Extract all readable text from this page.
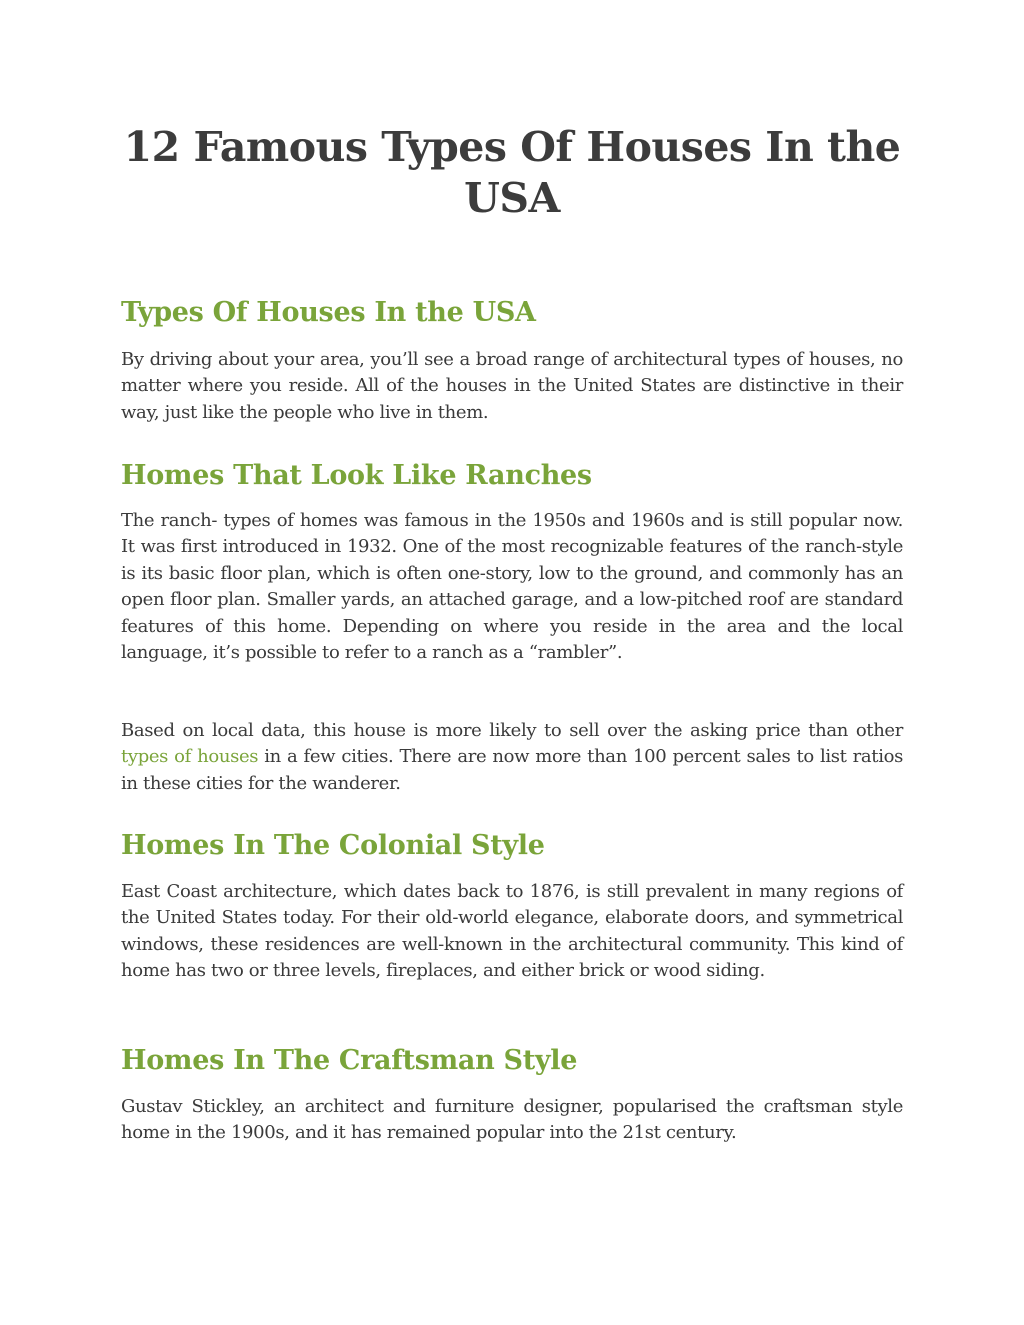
12 Famous Types Of Houses In the USA
Types Of Houses In the USA

By driving about your area, you’ll see a broad range of architectural types of houses, no matter where you reside. All of the houses in the United States are distinctive in their way, just like the people who live in them.

Homes That Look Like Ranches

The ranch- types of homes was famous in the 1950s and 1960s and is still popular now. It was first introduced in 1932. One of the most recognizable features of the ranch-style is its basic floor plan, which is often one-story, low to the ground, and commonly has an open floor plan. Smaller yards, an attached garage, and a low-pitched roof are standard features of this home. Depending on where you reside in the area and the local language, it’s possible to refer to a ranch as a “rambler”.

Based on local data, this house is more likely to sell over the asking price than other types of houses in a few cities. There are now more than 100 percent sales to list ratios in these cities for the wanderer.

Homes In The Colonial Style

East Coast architecture, which dates back to 1876, is still prevalent in many regions of the United States today. For their old-world elegance, elaborate doors, and symmetrical windows, these residences are well-known in the architectural community. This kind of home has two or three levels, fireplaces, and either brick or wood siding.

Homes In The Craftsman Style

Gustav Stickley, an architect and furniture designer, popularised the craftsman style home in the 1900s, and it has remained popular into the 21st century.
